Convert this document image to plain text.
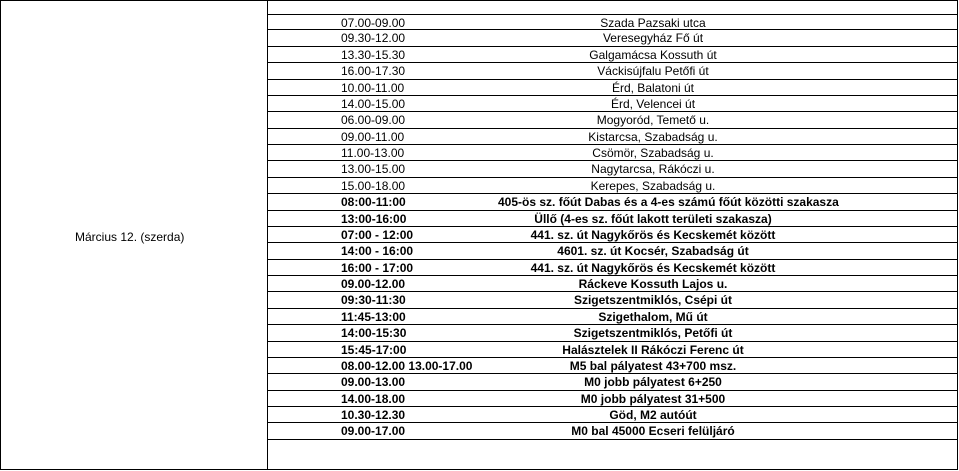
Március 12. (szerda)
07.00-09.00	Szada Pazsaki utca
09.30-12.00	Veresegyház Fő út
13.30-15.30	Galgamácsa Kossuth út
16.00-17.30	Váckisújfalu Petőfi út
10.00-11.00	Érd, Balatoni út
14.00-15.00	Érd, Velencei út
06.00-09.00	Mogyoród, Temető u.
09.00-11.00	Kistarcsa, Szabadság u.
11.00-13.00	Csömör, Szabadság u.
13.00-15.00	Nagytarcsa, Rákóczi u.
15.00-18.00	Kerepes, Szabadság u.
08:00-11:00	405-ös sz. főút Dabas és a 4-es számú főút közötti szakasza
13:00-16:00	Üllő (4-es sz. főút lakott területi szakasza)
07:00 - 12:00	441. sz. út Nagykőrös és Kecskemét között
14:00 - 16:00	4601. sz. út Kocsér, Szabadság út
16:00 - 17:00	441. sz. út Nagykőrös és Kecskemét között
09.00-12.00	Ráckeve Kossuth Lajos u.
09:30-11:30	Szigetszentmiklós, Csépi út
11:45-13:00	Szigethalom, Mű út
14:00-15:30	Szigetszentmiklós, Petőfi út
15:45-17:00	Halásztelek II Rákóczi Ferenc út
08.00-12.00 13.00-17.00	M5 bal pályatest 43+700 msz.
09.00-13.00	M0 jobb pályatest 6+250
14.00-18.00	M0 jobb pályatest 31+500
10.30-12.30	Göd, M2 autóút
09.00-17.00	M0 bal 45000 Ecseri felüljáró
